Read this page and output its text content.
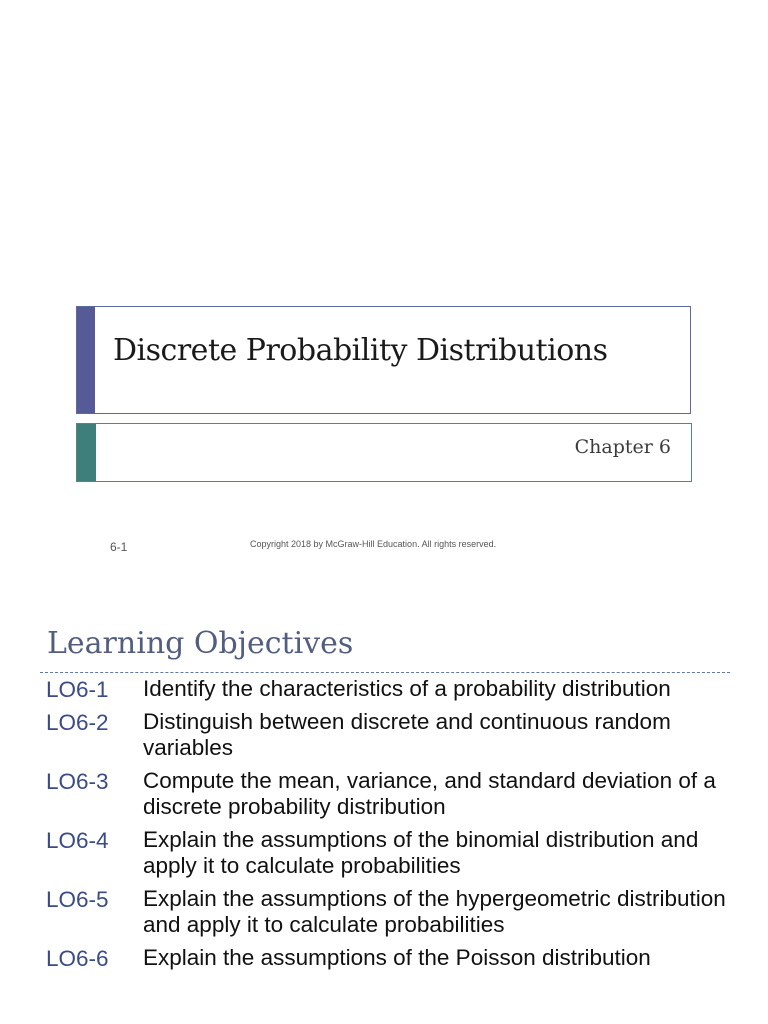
Discrete Probability Distributions
Chapter 6
6-1	Copyright 2018 by McGraw-Hill Education. All rights reserved.
Learning Objectives
LO6-1 Identify the characteristics of a probability distribution
LO6-2 Distinguish between discrete and continuous random variables
LO6-3 Compute the mean, variance, and standard deviation of a discrete probability distribution
LO6-4 Explain the assumptions of the binomial distribution and apply it to calculate probabilities
LO6-5 Explain the assumptions of the hypergeometric distribution and apply it to calculate probabilities
LO6-6 Explain the assumptions of the Poisson distribution
